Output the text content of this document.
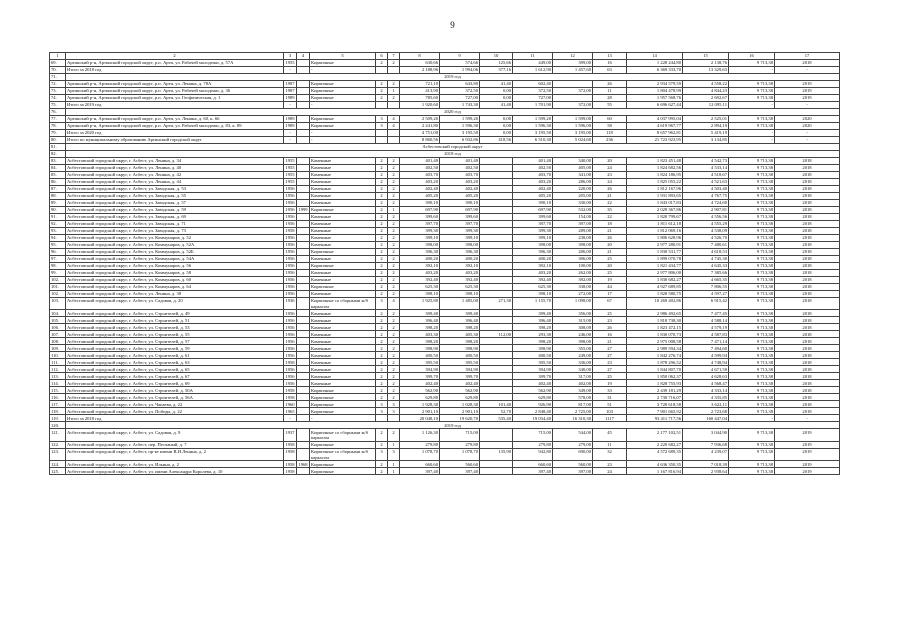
9
1	2	3	4	5	6	7	8	9	10	11	12	13	14	15	16	17
69.	Артинский р-н, Артинский городской округ, р.п. Арти, ул. Рабочей молодежи, д. 57А	1955		Кирпичные	2	2	630,66	574,66	125,66	449,00	399,00	16	1 228 244,80	2 138,76	9 713,38	2018
70.	Итого за 2018 год	-		-			2 188,96	1 994,06	377,16	1 612,90	1 457,60	63	6 369 333,70	13 329,63	-	-
71.	2019 год															
72.	Артинский р-н, Артинский городской округ, р.п. Арти, ул. Ленина, д. 78А	1987		Кирпичные	2	2	721,10	643,80	41,40	602,40		26	2 934 579,59	4 558,22	9 713,38	2019
73.	Артинский р-н, Артинский городской округ, р.п. Арти, ул. Рабочей молодежи, д. 36	1987		Кирпичные	2	1	413,90	372,50	0,00	372,50	372,00	11	1 804 478,99	4 844,23	9 713,38	2019
74.	Артинский р-н, Артинский городской округ, р.п. Арти, ул. Геофизическая, д. 1	1989		Кирпичные	2	2	785,60	727,00	0,00	727,00		28	1 957 568,76	2 692,67	9 713,38	2019
75.	Итого за 2019 год	-		-			1 920,60	1 743,30	41,40	1 701,90	372,00	55	6 696 627,44	12 095,11	-	-
76.	2020 год															
77.	Артинский р-н, Артинский городской округ, р.п. Арти, ул. Ленина, д. 60, к. 66	1989		Кирпичные	3	4	2 509,20	1 599,20	0,00	1 599,20	1 599,00	60	4 037 995,04	2 525,01	9 713,38	2020
78.	Артинский р-н, Артинский городской округ, р.п. Арти, ул. Рабочей молодежи, д. 83, к. 89	1989		Кирпичные	3	4	2 241,80	1 596,30	0,00	1 596,30	1 596,00	58	4 619 967,77	2 894,19	9 713,38	2020
79.	Итого за 2020 год	-		-			4 751,00	3 195,50	0,00	3 195,50	3 195,00	118	8 657 962,81	5 419,19	-	-
80.	Итого по муниципальному образованию Артинский городской округ	-		-			8 860,56	6 932,86	418,56	6 510,30	5 024,60	236	21 723 923,95	3 134,85	-	-
81.	Асбестовский городской округ															
82.	2018 год															
83.	Асбестовский городской округ, г. Асбест, ул. Ленина, д. 34	1955		Каменные	2	2	401,40	401,40		401,40	340,00	20	1 823 451,48	4 542,73	9 713,38	2018
84.	Асбестовский городской округ, г. Асбест, ул. Ленина, д. 40	1955		Каменные	2	2	402,50	402,50		402,50	405,00	24	1 824 682,56	4 533,14	9 713,38	2018
85.	Асбестовский городской округ, г. Асбест, ул. Ленина, д. 42	1955		Каменные	2	2	403,70	403,70		403,70	341,00	23	1 824 186,95	4 518,67	9 713,38	2018
86.	Асбестовский городской округ, г. Асбест, ул. Ленина, д. 44	1955		Каменные	2	2	403,20	403,20		403,20	286,00	24	1 825 055,22	4 521,63	9 713,38	2018
87.	Асбестовский городской округ, г. Асбест, ул. Заводская, д. 53	1956		Каменные	2	2	402,40	402,40		402,40	220,00	26	1 812 167,96	4 503,40	9 713,38	2018
88.	Асбестовский городской округ, г. Асбест, ул. Заводская, д. 55	1956		Каменные	2	2	405,20	405,20		405,20	205,00	21	1 931 893,65	4 767,75	9 713,38	2018
89.	Асбестовский городской округ, г. Асбест, ул. Заводская, д. 57	1956		Каменные	2	2	390,10	390,10		390,10	330,00	22	1 843 017,83	4 724,60	9 713,38	2018
90.	Асбестовский городской округ, г. Асбест, ул. Заводская, д. 59	1956	1999	Кирпичные	2	1	697,90	697,90		697,90	532,00	35	2 029 367,86	2 907,81	9 713,38	2018
91.	Асбестовский городской округ, г. Асбест, ул. Заводская, д. 69	1956		Каменные	2	2	399,60	399,60		399,60	154,00	22	1 820 799,67	4 556,56	9 713,38	2018
92.	Асбестовский городской округ, г. Асбест, ул. Заводская, д. 71	1956		Каменные	2	2	397,70	397,70		397,70	397,00	18	1 811 612,18	4 555,29	9 713,38	2018
93.	Асбестовский городской округ, г. Асбест, ул. Заводская, д. 73	1958		Каменные	2	2	399,30	399,30		399,30	289,00	21	1 812 069,16	4 538,09	9 713,38	2018
94.	Асбестовский городской округ, г. Асбест, ул. Коммунаров, д. 52	1956		Каменные	2	2	399,10	399,10		399,10	238,00	26	1 806 628,96	4 526,70	9 713,38	2018
95.	Асбестовский городской округ, г. Асбест, ул. Коммунаров, д. 52А	1956		Каменные	2	2	398,00	398,00		398,00	398,00	20	2 977 280,91	7 480,61	9 713,38	2018
96.	Асбестовский городской округ, г. Асбест, ул. Коммунаров, д. 52Б	1956		Кирпичные	2	2	396,30	396,30		396,30	206,00	21	1 830 531,77	4 618,53	9 713,38	2018
97.	Асбестовский городской округ, г. Асбест, ул. Коммунаров, д. 54А	1956		Каменные	2	2	400,20	400,20		400,20	306,00	25	1 899 070,78	4 745,30	9 713,38	2018
98.	Асбестовский городской округ, г. Асбест, ул. Коммунаров, д. 56	1956		Кирпичные	2	2	392,10	392,10		392,10	100,00	20	1 821 434,77	4 645,33	9 713,38	2018
99.	Асбестовский городской округ, г. Асбест, ул. Коммунаров, д. 58	1956		Каменные	2	2	403,20	403,20		403,20	262,00	25	2 977 806,00	7 385,66	9 713,38	2018
102.	Асбестовский городской округ, г. Асбест, ул. Коммунаров, д. 60	1956		Каменные	2	2	392,40	392,40		392,40	392,00	19	1 830 682,27	4 665,35	9 713,38	2018
101.	Асбестовский городской округ, г. Асбест, ул. Коммунаров, д. 64	1956		Кирпичные	2	2	625,30	625,30		625,30	338,00	44	4 927 689,85	7 806,55	9 713,38	2018
102.	Асбестовский городской округ, г. Асбест, ул. Ленина, д. 38	1956		Каменные	2	2	398,10	398,10		398,10	272,00	17	1 828 580,75	4 597,27	9 713,38	2018
103.	Асбестовский городской округ, г. Асбест, ул. Садовая, д. 20	1936		Кирпичные со сборными ж/б каркасом	3	4	1 925,80	1 485,00	271,30	1 155,70	1 098,00	67	10 269 402,86	6 915,42	9 713,38	2018
104.	Асбестовский городской округ, г. Асбест, ул. Строителей, д. 49	1956		Каменные	2	2	399,40	399,40		399,40	356,00	25	2 986 492,65	7 477,45	9 713,38	2018
105.	Асбестовский городской округ, г. Асбест, ул. Строителей, д. 51	1956		Каменные	2	2	396,40	396,40		396,40	315,00	23	1 818 738,30	4 588,14	9 713,38	2018
106.	Асбестовский городской округ, г. Асбест, ул. Строителей, д. 53	1956		Каменные	2	2	398,20	398,20		398,20	308,00	26	1 823 472,15	4 579,19	9 713,38	2018
107.	Асбестовский городской округ, г. Асбест, ул. Строителей, д. 55	1956		Каменные	2	2	403,30	405,30	112,00	293,30	246,00	16	1 830 070,73	4 587,83	9 713,38	2018
108.	Асбестовский городской округ, г. Асбест, ул. Строителей, д. 57	1956		Каменные	2	2	398,20	398,20		398,20	398,00	21	2 975 008,58	7 471,14	9 713,38	2018
109.	Асбестовский городской округ, г. Асбест, ул. Строителей, д. 59	1956		Каменные	2	2	398,90	398,90		398,90	355,00	27	2 989 594,34	7 494,60	9 713,38	2018
110.	Асбестовский городской округ, г. Асбест, ул. Строителей, д. 61	1956		Каменные	2	2	400,50	400,50		400,50	249,00	27	1 842 276,74	4 599,94	9 713,38	2018
111.	Асбестовский городской округ, г. Асбест, ул. Строителей, д. 63	1958		Каменные	2	2	395,50	395,50		395,50	336,00	23	1 878 296,52	4 748,94	9 713,38	2018
112.	Асбестовский городской округ, г. Асбест, ул. Строителей, д. 65	1956		Каменные	2	2	394,90	394,90		394,90	340,00	27	1 844 807,70	4 671,58	9 713,38	2018
113.	Асбестовский городской округ, г. Асбест, ул. Строителей, д. 67	1956		Каменные	2	2	399,70	399,70		399,70	317,00	25	1 850 062,37	4 628,63	9 713,38	2018
114.	Асбестовский городской округ, г. Асбест, ул. Строителей, д. 69	1956		Каменные	2	2	402,40	402,40		402,40	402,00	19	1 828 755,93	4 568,47	9 713,38	2018
115.	Асбестовский городской округ, г. Асбест, ул. Строителей, д. 50А	1958		Кирпичные	2	2	562,90	562,90		562,90	349,00	33	2 439 181,29	4 333,14	9 713,38	2018
116.	Асбестовский городской округ, г. Асбест, ул. Строителей, д. 56А	1958		Кирпичные	2	2	629,80	629,80		629,80	578,00	31	2 730 716,07	4 335,85	9 713,38	2018
117.	Асбестовский городской округ, г. Асбест, ул. Чапаева, д. 22	1960		Кирпичные	3	3	1 928,30	1 028,30	101,40	926,90	817,00	51	3 728 618,58	3 622,11	9 713,38	2018
118.	Асбестовский городской округ, г. Асбест, ул. Победы, д. 22	1965		Кирпичные	3	3	2 901,10	2 901,10	52,70	2 848,40	2 725,00	103	7 901 665,92	2 723,68	9 713,38	2018
119.	Итого за 2018 год	-		-			20 048,10	19 620,70	535,40	19 034,40	16 310,30	1117	93 411 717,56	160 447,04	-	-
120.	2019 год															
121.	Асбестовский городской округ, г. Асбест, ул. Садовая, д. 9	1937		Кирпичные со сборными ж/б каркасом	2	2	1 126,30	715,00		715,00	544,00	45	2 177 102,51	3 044,90	9 713,38	2019
122.	Асбестовский городской округ, г. Асбест, пер. Песчаный, д. 7	1958		Кирпичные	2	1	279,80	279,80		279,80	279,00	11	2 220 682,27	7 936,68	9 713,38	2019
123.	Асбестовский городской округ, г. Асбест, пр-кт имени В.И.Ленина, д. 2	1958		Кирпичные со сборными ж/б каркасом	3	3	1 078,70	1 078,70	135,90	942,80	690,00	32	4 572 689,35	4 239,07	9 713,38	2019
124.	Асбестовский городской округ, г. Асбест, ул. Ильина, д. 2	1958	1968	Кирпичные	2	1	660,60	560,60		660,60	560,00	23	4 636 350,35	7 018,39	9 713,38	2019
125.	Асбестовский городской округ, г. Асбест, ул. имени Александра Королева, д. 10	1958		Кирпичные	2	1	397,40	397,40		397,40	397,00	24	1 167 816,94	2 938,64	9 713,38	2019
